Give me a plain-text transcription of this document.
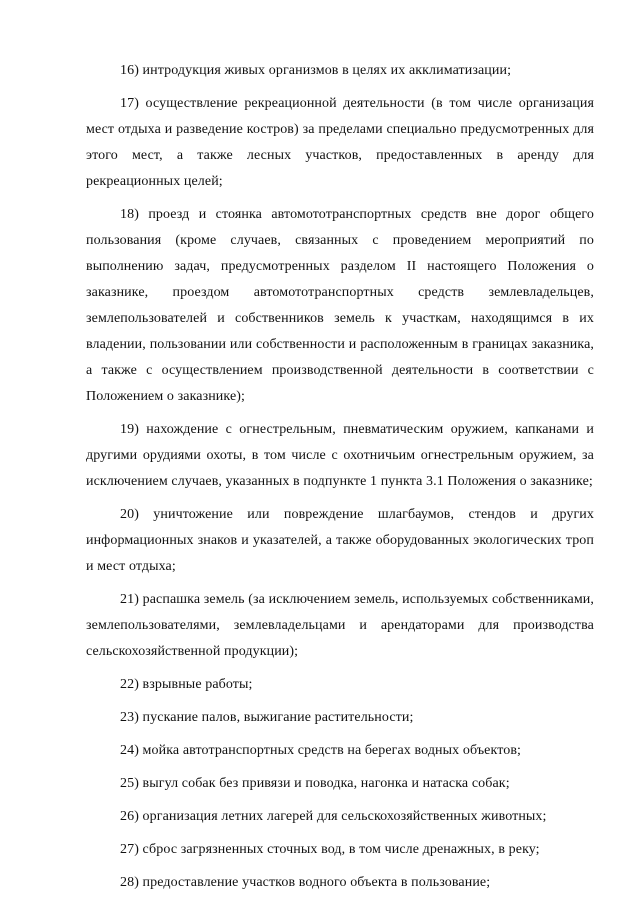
16) интродукция живых организмов в целях их акклиматизации;

17) осуществление рекреационной деятельности (в том числе организация мест отдыха и разведение костров) за пределами специально предусмотренных для этого мест, а также лесных участков, предоставленных в аренду для рекреационных целей;

18) проезд и стоянка автомототранспортных средств вне дорог общего пользования (кроме случаев, связанных с проведением мероприятий по выполнению задач, предусмотренных разделом II настоящего Положения о заказнике, проездом автомототранспортных средств землевладельцев, землепользователей и собственников земель к участкам, находящимся в их владении, пользовании или собственности и расположенным в границах заказника, а также с осуществлением производственной деятельности в соответствии с Положением о заказнике);

19) нахождение с огнестрельным, пневматическим оружием, капканами и другими орудиями охоты, в том числе с охотничьим огнестрельным оружием, за исключением случаев, указанных в подпункте 1 пункта 3.1 Положения о заказнике;

20) уничтожение или повреждение шлагбаумов, стендов и других информационных знаков и указателей, а также оборудованных экологических троп и мест отдыха;

21) распашка земель (за исключением земель, используемых собственниками, землепользователями, землевладельцами и арендаторами для производства сельскохозяйственной продукции);

22) взрывные работы;

23) пускание палов, выжигание растительности;

24) мойка автотранспортных средств на берегах водных объектов;

25) выгул собак без привязи и поводка, нагонка и натаска собак;

26) организация летних лагерей для сельскохозяйственных животных;

27) сброс загрязненных сточных вод, в том числе дренажных, в реку;

28) предоставление участков водного объекта в пользование;
